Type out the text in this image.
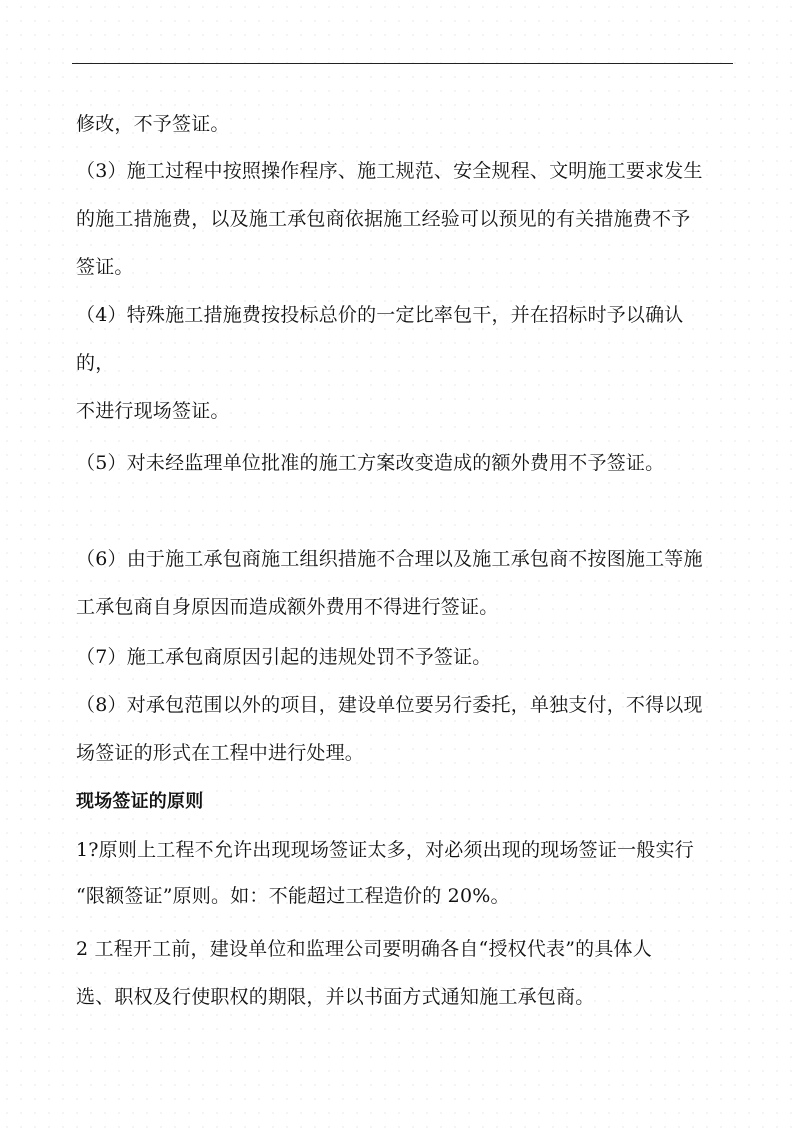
修改，不予签证。
（3）施工过程中按照操作程序、施工规范、安全规程、文明施工要求发生
的施工措施费，以及施工承包商依据施工经验可以预见的有关措施费不予
签证。
（4）特殊施工措施费按投标总价的一定比率包干，并在招标时予以确认
的，
不进行现场签证。
（5）对未经监理单位批准的施工方案改变造成的额外费用不予签证。
（6）由于施工承包商施工组织措施不合理以及施工承包商不按图施工等施
工承包商自身原因而造成额外费用不得进行签证。
（7）施工承包商原因引起的违规处罚不予签证。
（8）对承包范围以外的项目，建设单位要另行委托，单独支付，不得以现
场签证的形式在工程中进行处理。
现场签证的原则
1?原则上工程不允许出现现场签证太多，对必须出现的现场签证一般实行
“限额签证”原则。如：不能超过工程造价的 20%。
2 工程开工前，建设单位和监理公司要明确各自“授权代表”的具体人
选、职权及行使职权的期限，并以书面方式通知施工承包商。
